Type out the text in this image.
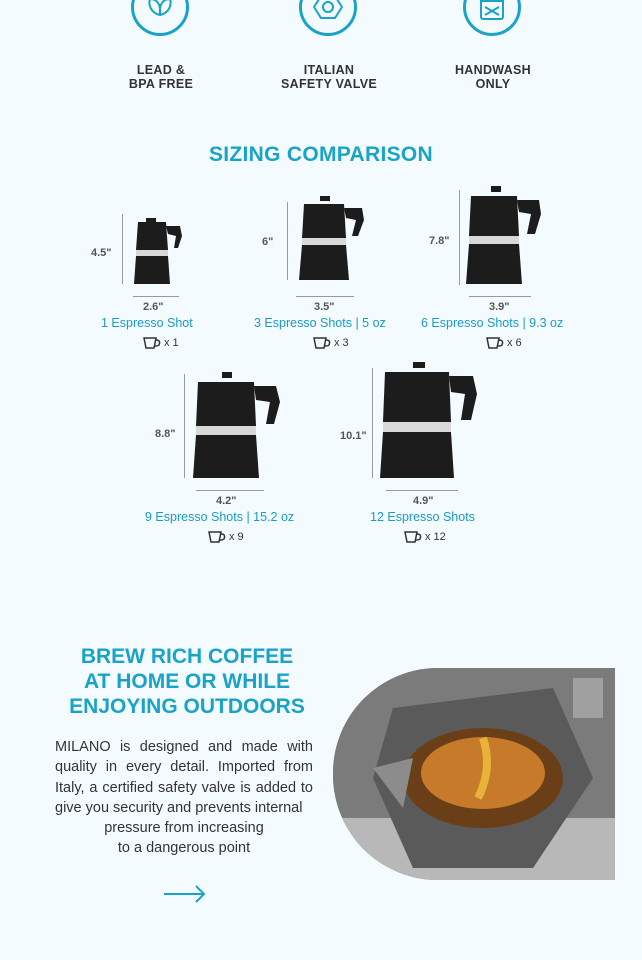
LEAD &
BPA FREE
ITALIAN
SAFETY VALVE
HANDWASH
ONLY
SIZING COMPARISON
4.5"
2.6"
1 Espresso Shot
x 1
6"
3.5"
3 Espresso Shots | 5 oz
x 3
7.8"
3.9"
6 Espresso Shots | 9.3 oz
x 6
8.8"
4.2"
9 Espresso Shots | 15.2 oz
x 9
10.1"
4.9"
12 Espresso Shots
x 12
BREW RICH COFFEE
AT HOME OR WHILE
ENJOYING OUTDOORS
MILANO is designed and made with quality in every detail. Imported from Italy, a certified safety valve is added to give you security and prevents internal
pressure from increasing
to a dangerous point
